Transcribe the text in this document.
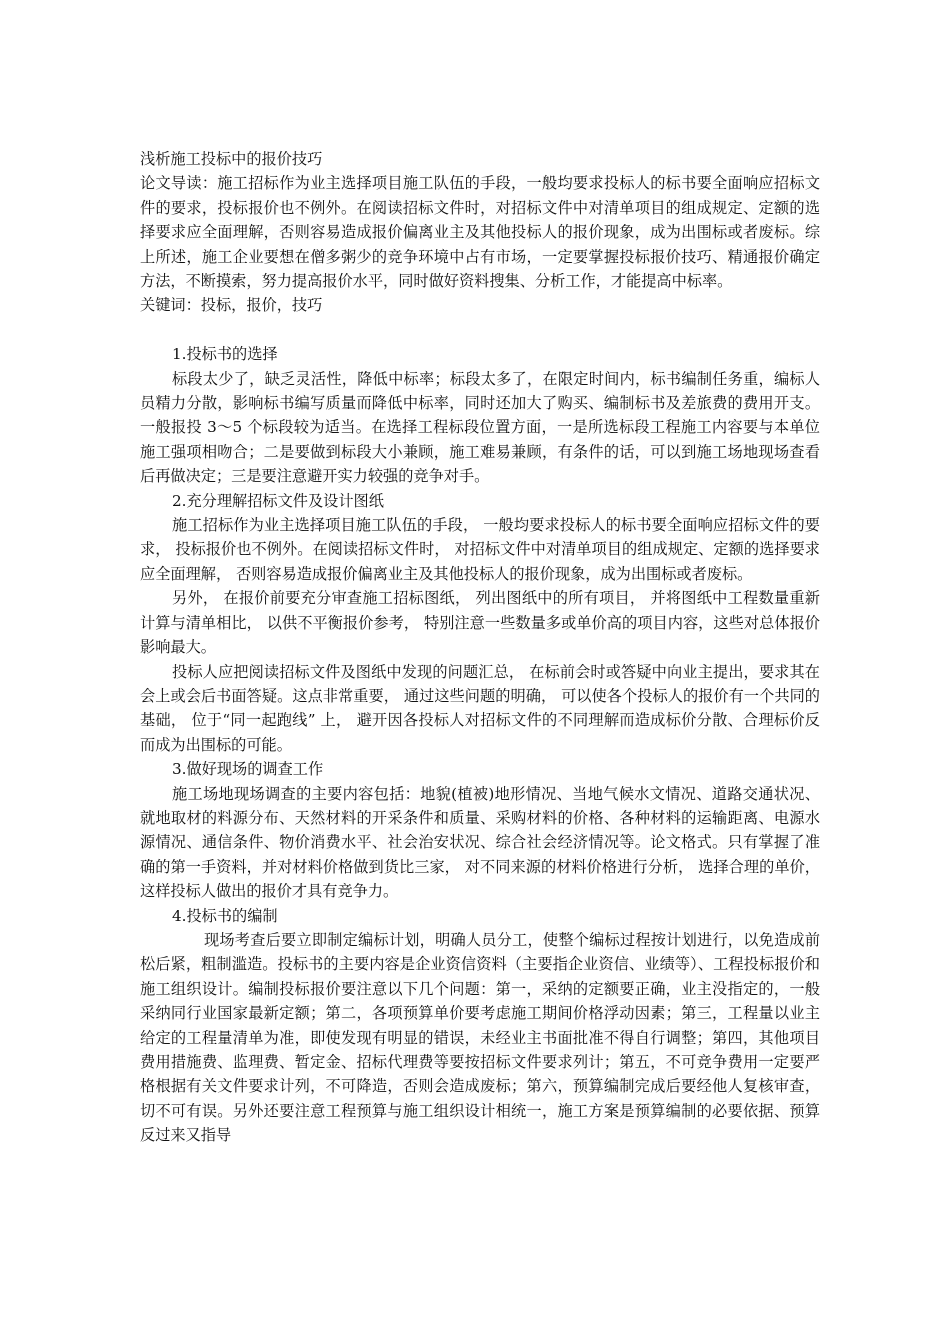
浅析施工投标中的报价技巧

论文导读：施工招标作为业主选择项目施工队伍的手段，一般均要求投标人的标书要全面响应招标文件的要求，投标报价也不例外。在阅读招标文件时，对招标文件中对清单项目的组成规定、定额的选择要求应全面理解，否则容易造成报价偏离业主及其他投标人的报价现象，成为出围标或者废标。综上所述，施工企业要想在僧多粥少的竞争环境中占有市场，一定要掌握投标报价技巧、精通报价确定方法，不断摸索，努力提高报价水平，同时做好资料搜集、分析工作，才能提高中标率。

关键词：投标，报价，技巧

1.投标书的选择

标段太少了，缺乏灵活性，降低中标率；标段太多了，在限定时间内，标书编制任务重，编标人员精力分散，影响标书编写质量而降低中标率，同时还加大了购买、编制标书及差旅费的费用开支。一般报投 3～5 个标段较为适当。在选择工程标段位置方面，一是所选标段工程施工内容要与本单位施工强项相吻合；二是要做到标段大小兼顾，施工难易兼顾，有条件的话，可以到施工场地现场查看后再做决定；三是要注意避开实力较强的竞争对手。

2.充分理解招标文件及设计图纸

施工招标作为业主选择项目施工队伍的手段， 一般均要求投标人的标书要全面响应招标文件的要求， 投标报价也不例外。在阅读招标文件时， 对招标文件中对清单项目的组成规定、定额的选择要求应全面理解， 否则容易造成报价偏离业主及其他投标人的报价现象，成为出围标或者废标。

另外， 在报价前要充分审查施工招标图纸， 列出图纸中的所有项目， 并将图纸中工程数量重新计算与清单相比， 以供不平衡报价参考， 特别注意一些数量多或单价高的项目内容，这些对总体报价影响最大。

投标人应把阅读招标文件及图纸中发现的问题汇总， 在标前会时或答疑中向业主提出，要求其在会上或会后书面答疑。这点非常重要， 通过这些问题的明确， 可以使各个投标人的报价有一个共同的基础， 位于“同一起跑线” 上， 避开因各投标人对招标文件的不同理解而造成标价分散、合理标价反而成为出围标的可能。

3.做好现场的调查工作

施工场地现场调查的主要内容包括：地貌(植被)地形情况、当地气候水文情况、道路交通状况、就地取材的料源分布、天然材料的开采条件和质量、采购材料的价格、各种材料的运输距离、电源水源情况、通信条件、物价消费水平、社会治安状况、综合社会经济情况等。论文格式。只有掌握了准确的第一手资料，并对材料价格做到货比三家， 对不同来源的材料价格进行分析， 选择合理的单价，这样投标人做出的报价才具有竞争力。

4.投标书的编制

现场考查后要立即制定编标计划，明确人员分工，使整个编标过程按计划进行，以免造成前松后紧，粗制滥造。投标书的主要内容是企业资信资料（主要指企业资信、业绩等）、工程投标报价和施工组织设计。编制投标报价要注意以下几个问题：第一，采纳的定额要正确，业主没指定的，一般采纳同行业国家最新定额；第二，各项预算单价要考虑施工期间价格浮动因素；第三，工程量以业主给定的工程量清单为准，即使发现有明显的错误，未经业主书面批准不得自行调整；第四，其他项目费用措施费、监理费、暂定金、招标代理费等要按招标文件要求列计；第五，不可竞争费用一定要严格根据有关文件要求计列，不可降造，否则会造成废标；第六，预算编制完成后要经他人复核审查，切不可有误。另外还要注意工程预算与施工组织设计相统一，施工方案是预算编制的必要依据、预算反过来又指导
